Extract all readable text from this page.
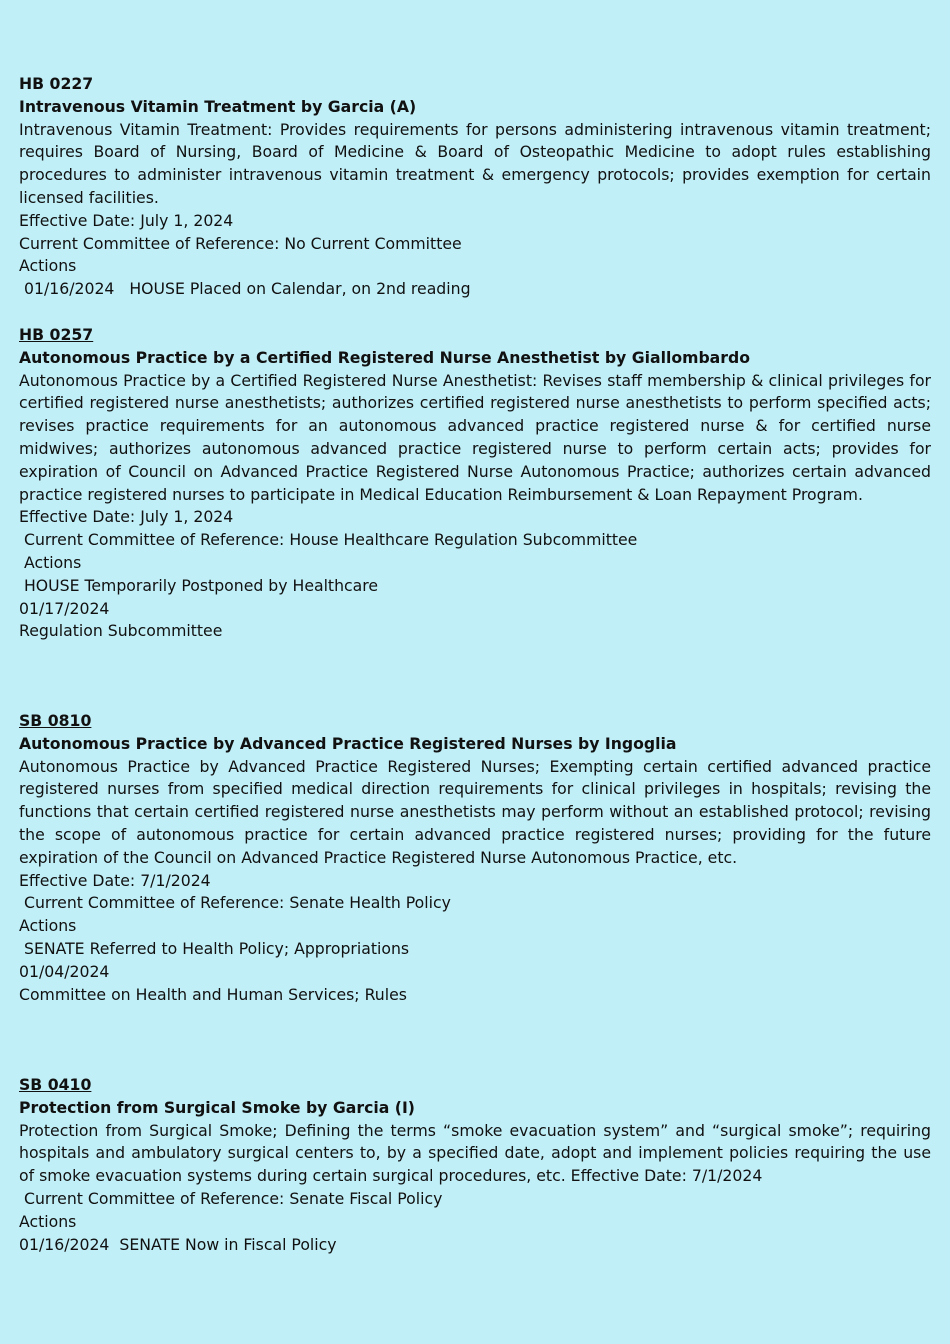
HB 0227
Intravenous Vitamin Treatment by Garcia (A)
Intravenous Vitamin Treatment: Provides requirements for persons administering intravenous vitamin treatment; requires Board of Nursing, Board of Medicine & Board of Osteopathic Medicine to adopt rules establishing procedures to administer intravenous vitamin treatment & emergency protocols; provides exemption for certain licensed facilities.
Effective Date: July 1, 2024
Current Committee of Reference: No Current Committee
Actions
01/16/2024   HOUSE Placed on Calendar, on 2nd reading
HB 0257
Autonomous Practice by a Certified Registered Nurse Anesthetist by Giallombardo
Autonomous Practice by a Certified Registered Nurse Anesthetist: Revises staff membership & clinical privileges for certified registered nurse anesthetists; authorizes certified registered nurse anesthetists to perform specified acts; revises practice requirements for an autonomous advanced practice registered nurse & for certified nurse midwives; authorizes autonomous advanced practice registered nurse to perform certain acts; provides for expiration of Council on Advanced Practice Registered Nurse Autonomous Practice; authorizes certain advanced practice registered nurses to participate in Medical Education Reimbursement & Loan Repayment Program.
Effective Date: July 1, 2024
Current Committee of Reference: House Healthcare Regulation Subcommittee
Actions
HOUSE Temporarily Postponed by Healthcare
01/17/2024
Regulation Subcommittee
SB 0810
Autonomous Practice by Advanced Practice Registered Nurses by Ingoglia
Autonomous Practice by Advanced Practice Registered Nurses; Exempting certain certified advanced practice registered nurses from specified medical direction requirements for clinical privileges in hospitals; revising the functions that certain certified registered nurse anesthetists may perform without an established protocol; revising the scope of autonomous practice for certain advanced practice registered nurses; providing for the future expiration of the Council on Advanced Practice Registered Nurse Autonomous Practice, etc.
Effective Date: 7/1/2024
Current Committee of Reference: Senate Health Policy
Actions
SENATE Referred to Health Policy; Appropriations
01/04/2024
Committee on Health and Human Services; Rules
SB 0410
Protection from Surgical Smoke by Garcia (I)
Protection from Surgical Smoke; Defining the terms “smoke evacuation system” and “surgical smoke”; requiring hospitals and ambulatory surgical centers to, by a specified date, adopt and implement policies requiring the use of smoke evacuation systems during certain surgical procedures, etc. Effective Date: 7/1/2024
Current Committee of Reference: Senate Fiscal Policy
Actions
01/16/2024  SENATE Now in Fiscal Policy
